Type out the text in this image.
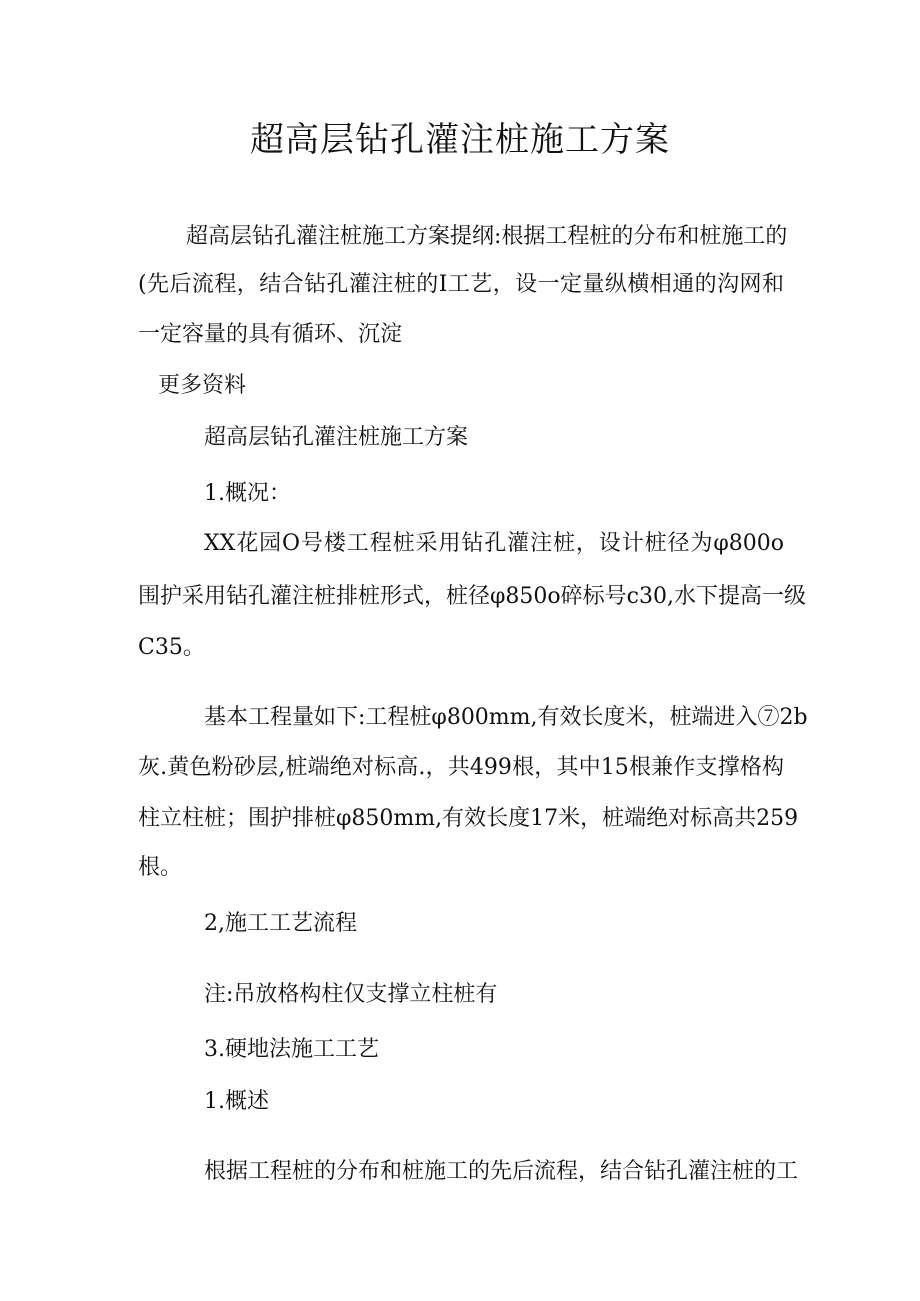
超高层钻孔灌注桩施工方案
超高层钻孔灌注桩施工方案提纲:根据工程桩的分布和桩施工的
(先后流程，结合钻孔灌注桩的I工艺，设一定量纵横相通的沟网和
一定容量的具有循环、沉淀
更多资料
超高层钻孔灌注桩施工方案
1.概况：
XX花园O号楼工程桩采用钻孔灌注桩，设计桩径为φ800o
围护采用钻孔灌注桩排桩形式，桩径φ850o碎标号c30,水下提高一级
C35。
基本工程量如下:工程桩φ800mm,有效长度米，桩端进入⑦2b
灰.黄色粉砂层,桩端绝对标高.，共499根，其中15根兼作支撑格构
柱立柱桩；围护排桩φ850mm,有效长度17米，桩端绝对标高共259
根。
2,施工工艺流程
注:吊放格构柱仅支撑立柱桩有
3.硬地法施工工艺
1.概述
根据工程桩的分布和桩施工的先后流程，结合钻孔灌注桩的工
